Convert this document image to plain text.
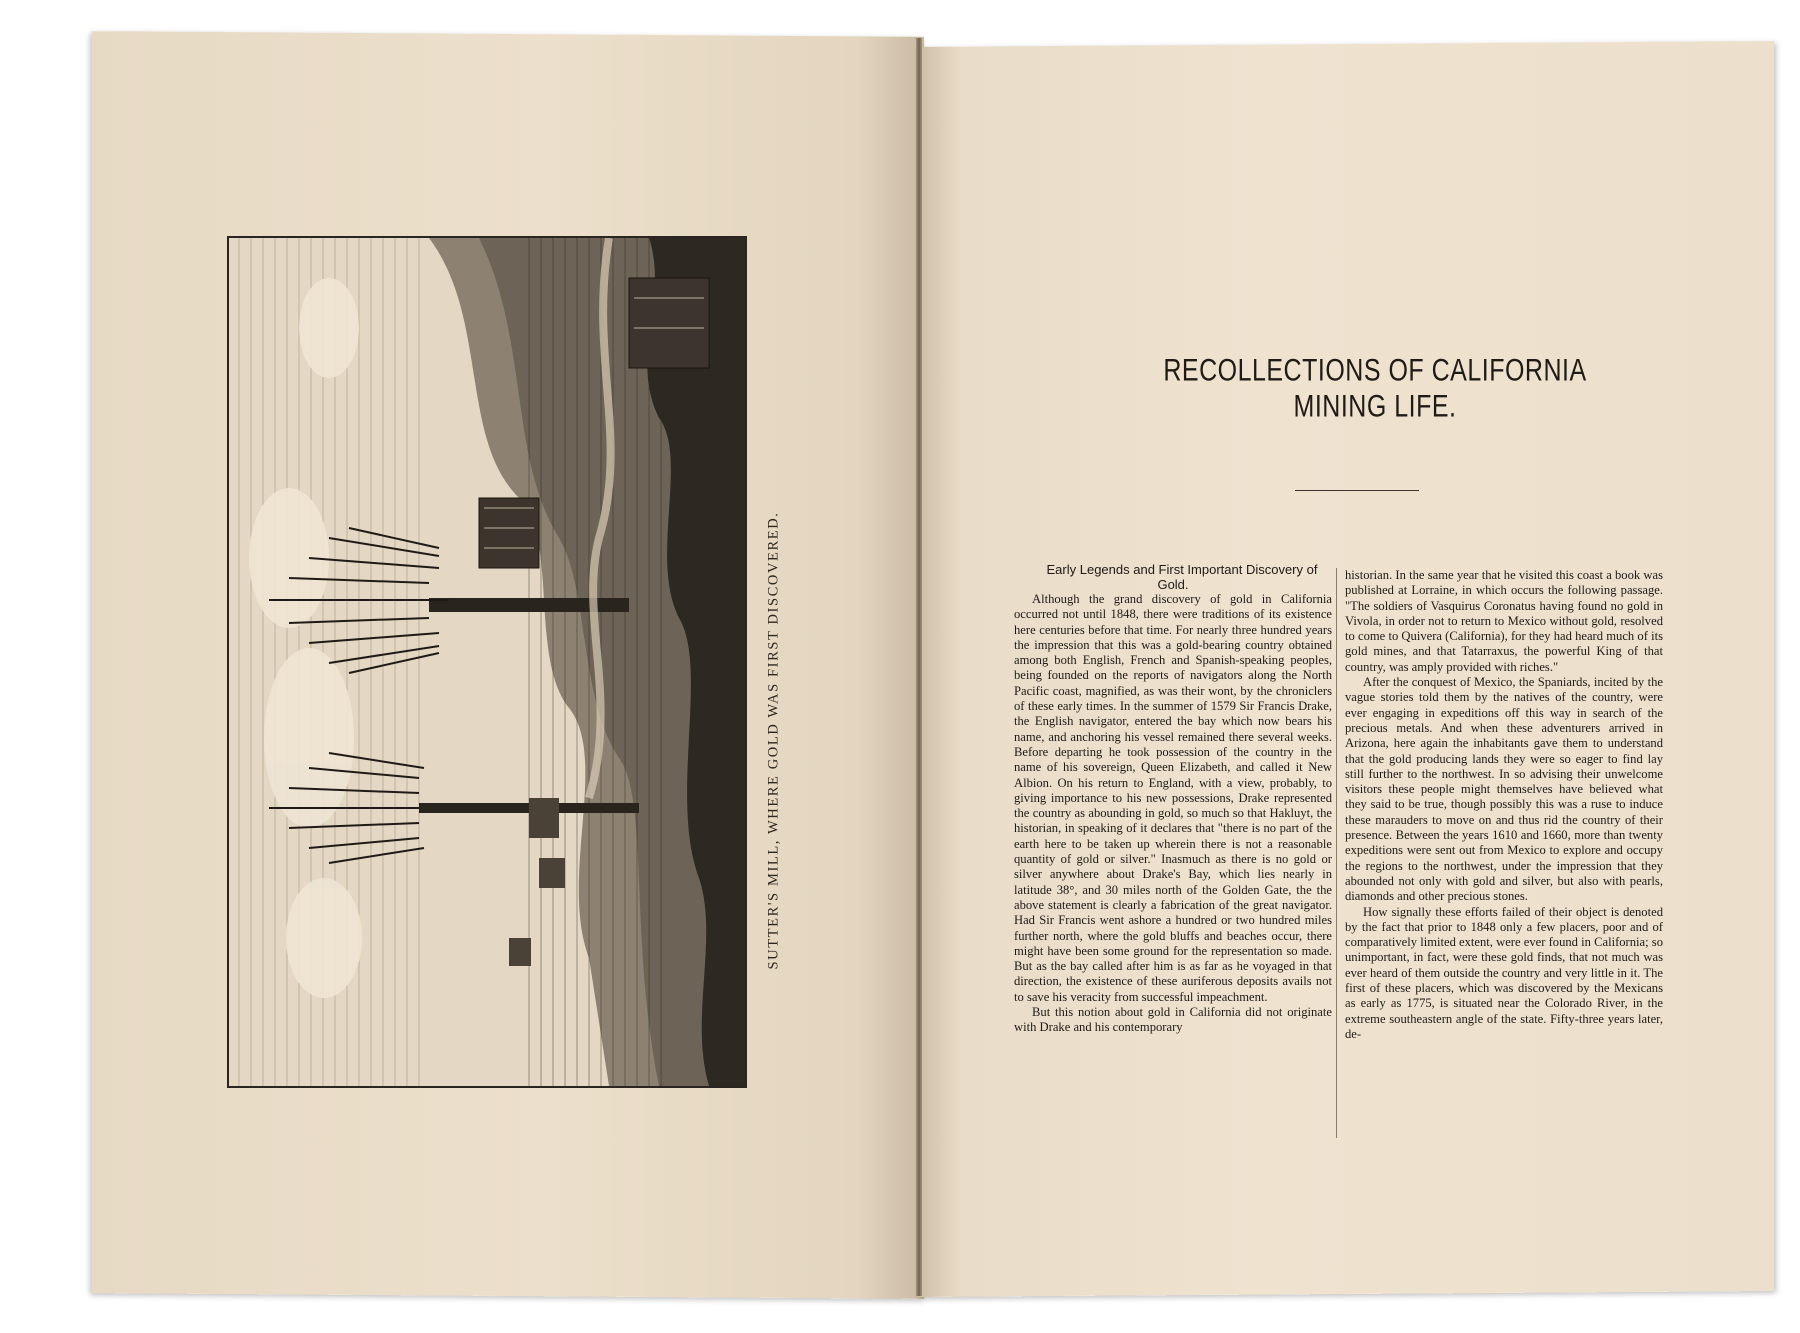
SUTTER'S MILL, WHERE GOLD WAS FIRST DISCOVERED.
RECOLLECTIONS OF CALIFORNIA MINING LIFE.

Early Legends and First Important Discovery of Gold.

Although the grand discovery of gold in California occurred not until 1848, there were traditions of its existence here centuries before that time. For nearly three hundred years the impression that this was a gold-bearing country obtained among both English, French and Spanish-speaking peoples, being founded on the reports of navigators along the North Pacific coast, magnified, as was their wont, by the chroniclers of these early times. In the summer of 1579 Sir Francis Drake, the English navigator, entered the bay which now bears his name, and anchoring his vessel remained there several weeks. Before departing he took possession of the country in the name of his sovereign, Queen Elizabeth, and called it New Albion. On his return to England, with a view, probably, to giving importance to his new possessions, Drake represented the country as abounding in gold, so much so that Hakluyt, the historian, in speaking of it declares that "there is no part of the earth here to be taken up wherein there is not a reasonable quantity of gold or silver." Inasmuch as there is no gold or silver anywhere about Drake's Bay, which lies nearly in latitude 38°, and 30 miles north of the Golden Gate, the the above statement is clearly a fabrication of the great navigator. Had Sir Francis went ashore a hundred or two hundred miles further north, where the gold bluffs and beaches occur, there might have been some ground for the representation so made. But as the bay called after him is as far as he voyaged in that direction, the existence of these auriferous deposits avails not to save his veracity from successful impeachment.

But this notion about gold in California did not originate with Drake and his contemporary

historian. In the same year that he visited this coast a book was published at Lorraine, in which occurs the following passage. "The soldiers of Vasquirus Coronatus having found no gold in Vivola, in order not to return to Mexico without gold, resolved to come to Quivera (California), for they had heard much of its gold mines, and that Tatarraxus, the powerful King of that country, was amply provided with riches."

After the conquest of Mexico, the Spaniards, incited by the vague stories told them by the natives of the country, were ever engaging in expeditions off this way in search of the precious metals. And when these adventurers arrived in Arizona, here again the inhabitants gave them to understand that the gold producing lands they were so eager to find lay still further to the northwest. In so advising their unwelcome visitors these people might themselves have believed what they said to be true, though possibly this was a ruse to induce these marauders to move on and thus rid the country of their presence. Between the years 1610 and 1660, more than twenty expeditions were sent out from Mexico to explore and occupy the regions to the northwest, under the impression that they abounded not only with gold and silver, but also with pearls, diamonds and other precious stones.

How signally these efforts failed of their object is denoted by the fact that prior to 1848 only a few placers, poor and of comparatively limited extent, were ever found in California; so unimportant, in fact, were these gold finds, that not much was ever heard of them outside the country and very little in it. The first of these placers, which was discovered by the Mexicans as early as 1775, is situated near the Colorado River, in the extreme southeastern angle of the state. Fifty-three years later, de-
